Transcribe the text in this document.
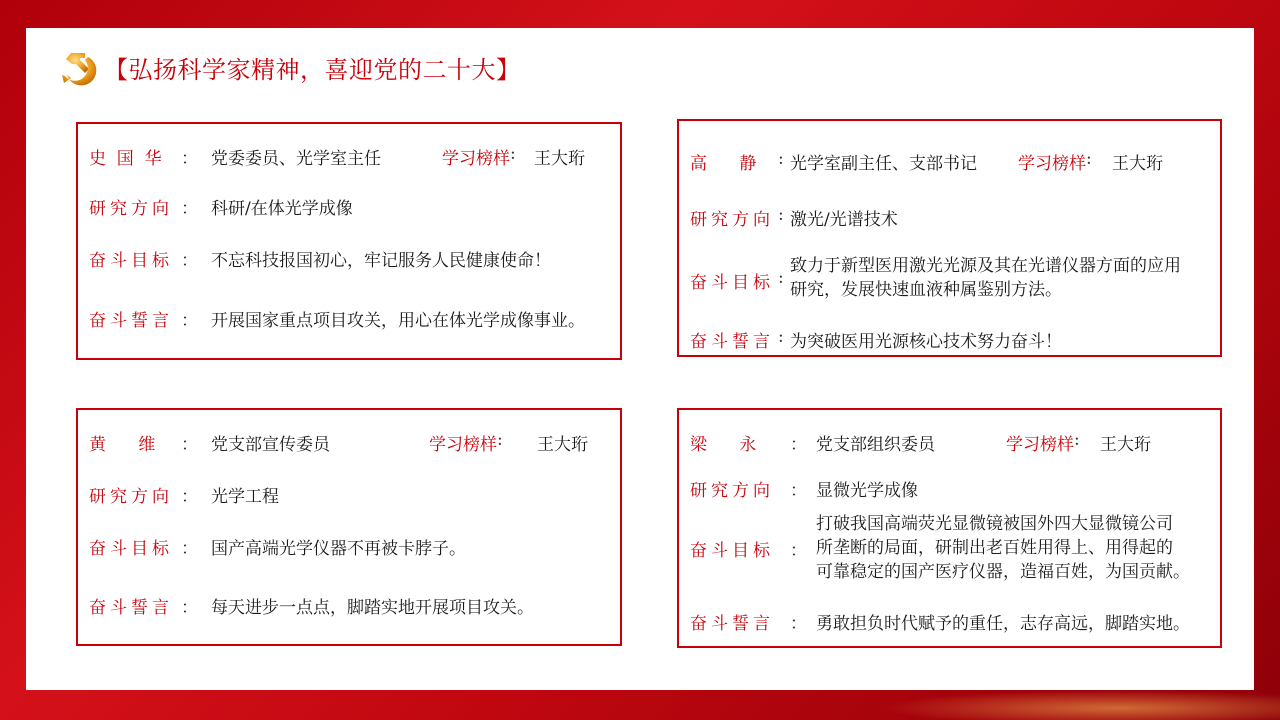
【弘扬科学家精神，喜迎党的二十大】
史  国  华	： 党委委员、光学室主任	学习榜样 :	王大珩
研究方向 ： 科研/在体光学成像
奋斗目标 ： 不忘科技报国初心，牢记服务人民健康使命！
奋斗誓言 ： 开展国家重点项目攻关，用心在体光学成像事业。
高      静	: 光学室副主任、支部书记	学习榜样 :	王大珩
研究方向 : 激光/光谱技术
奋斗目标 :
致力于新型医用激光光源及其在光谱仪器方面的应用
研究，发展快速血液种属鉴别方法。
奋斗誓言 : 为突破医用光源核心技术努力奋斗！
黄      维	： 党支部宣传委员	学习榜样 :	王大珩
研究方向 ： 光学工程
奋斗目标 ： 国产高端光学仪器不再被卡脖子。
奋斗誓言 ： 每天进步一点点，脚踏实地开展项目攻关。
梁      永	： 党支部组织委员	学习榜样 :	王大珩
研究方向 ： 显微光学成像
奋斗目标 ：
打破我国高端荧光显微镜被国外四大显微镜公司
所垄断的局面，研制出老百姓用得上、用得起的
可靠稳定的国产医疗仪器，造福百姓，为国贡献。
奋斗誓言 ： 勇敢担负时代赋予的重任，志存高远，脚踏实地。
